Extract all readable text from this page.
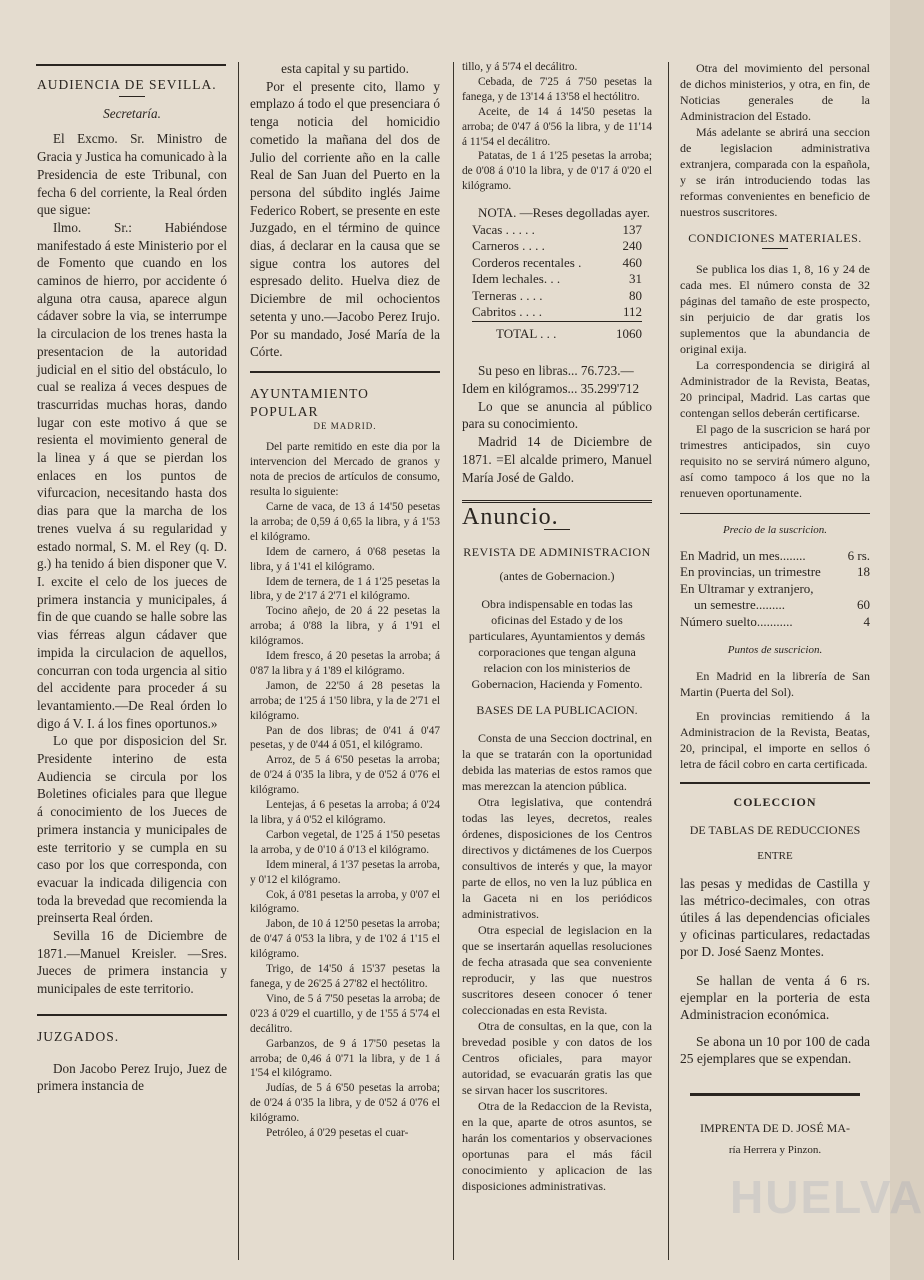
AUDIENCIA DE SEVILLA.

Secretaría.

El Excmo. Sr. Ministro de Gracia y Justica ha comunicado à la Presidencia de este Tribunal, con fecha 6 del corriente, la Real órden que sigue:

Ilmo. Sr.: Habiéndose manifestado á este Ministerio por el de Fomento que cuando en los caminos de hierro, por accidente ó alguna otra causa, aparece algun cádaver sobre la via, se interrumpe la circulacion de los trenes hasta la presentacion de la autoridad judicial en el sitio del obstáculo, lo cual se realiza á veces despues de trascurridas muchas horas, dando lugar con este motivo á que se resienta el movimiento general de la linea y á que se pierdan los enlaces en los puntos de vifurcacion, necesitando hasta dos dias para que la marcha de los trenes vuelva á su regularidad y estado normal, S. M. el Rey (q. D. g.) ha tenido á bien disponer que V. I. excite el celo de los jueces de primera instancia y municipales, á fin de que cuando se halle sobre las vias férreas algun cádaver que impida la circulacion de aquellos, concurran con toda urgencia al sitio del accidente para proceder á su levantamiento.—De Real órden lo digo á V. I. á los fines oportunos.»

Lo que por disposicion del Sr. Presidente interino de esta Audiencia se circula por los Boletines oficiales para que llegue á conocimiento de los Jueces de primera instancia y municipales de este territorio y se cumpla en su caso por los que corresponda, con evacuar la indicada diligencia con toda la brevedad que recomienda la preinserta Real órden.

Sevilla 16 de Diciembre de 1871.—Manuel Kreisler. —Sres. Jueces de primera instancia y municipales de este territorio.

JUZGADOS.

Don Jacobo Perez Irujo, Juez de primera instancia de

esta capital y su partido.

Por el presente cito, llamo y emplazo á todo el que presenciara ó tenga noticia del homicidio cometido la mañana del dos de Julio del corriente año en la calle Real de San Juan del Puerto en la persona del súbdito inglés Jaime Federico Robert, se presente en este Juzgado, en el término de quince dias, á declarar en la causa que se sigue contra los autores del espresado delito. Huelva diez de Diciembre de mil ochocientos setenta y uno.—Jacobo Perez Irujo. Por su mandado, José María de la Córte.

AYUNTAMIENTO POPULAR

DE MADRID.

Del parte remitido en este dia por la intervencion del Mercado de granos y nota de precios de artículos de consumo, resulta lo siguiente:

Carne de vaca, de 13 á 14'50 pesetas la arroba; de 0,59 á 0,65 la libra, y á 1'53 el kilógramo.

Idem de carnero, á 0'68 pesetas la libra, y á 1'41 el kilógramo.

Idem de ternera, de 1 á 1'25 pesetas la libra, y de 2'17 á 2'71 el kilógramo.

Tocino añejo, de 20 á 22 pesetas la arroba; á 0'88 la libra, y á 1'91 el kilógramos.

Idem fresco, á 20 pesetas la arroba; á 0'87 la libra y á 1'89 el kilógramo.

Jamon, de 22'50 á 28 pesetas la arroba; de 1'25 á 1'50 libra, y la de 2'71 el kilógramo.

Pan de dos libras; de 0'41 á 0'47 pesetas, y de 0'44 á 051, el kilógramo.

Arroz, de 5 á 6'50 pesetas la arroba; de 0'24 á 0'35 la libra, y de 0'52 á 0'76 el kilógramo.

Lentejas, á 6 pesetas la arroba; á 0'24 la libra, y á 0'52 el kilógramo.

Carbon vegetal, de 1'25 á 1'50 pesetas la arroba, y de 0'10 á 0'13 el kilógramo.

Idem mineral, á 1'37 pesetas la arroba, y 0'12 el kilógramo.

Cok, á 0'81 pesetas la arroba, y 0'07 el kilógramo.

Jabon, de 10 á 12'50 pesetas la arroba; de 0'47 á 0'53 la libra, y de 1'02 á 1'15 el kilógramo.

Trigo, de 14'50 á 15'37 pesetas la fanega, y de 26'25 á 27'82 el hectólitro.

Vino, de 5 á 7'50 pesetas la arroba; de 0'23 á 0'29 el cuartillo, y de 1'55 á 5'74 el decálitro.

Garbanzos, de 9 á 17'50 pesetas la arroba; de 0,46 á 0'71 la libra, y de 1 á 1'54 el kilógramo.

Judías, de 5 á 6'50 pesetas la arroba; de 0'24 á 0'35 la libra, y de 0'52 á 0'76 el kilógramo.

Petróleo, á 0'29 pesetas el cuar-

tillo, y á 5'74 el decálitro.

Cebada, de 7'25 á 7'50 pesetas la fanega, y de 13'14 á 13'58 el hectólitro.

Aceite, de 14 á 14'50 pesetas la arroba; de 0'47 á 0'56 la libra, y de 11'14 á 11'54 el decálitro.

Patatas, de 1 á 1'25 pesetas la arroba; de 0'08 á 0'10 la libra, y de 0'17 á 0'20 el kilógramo.

NOTA. —Reses degolladas ayer.

Vacas . . . . .	137
Carneros . . . .	240
Corderos recentales .	460
Idem lechales. . .	31
Terneras . . . .	80
Cabritos . . . .	112
TOTAL . . .	1060

Su peso en libras... 76.723.—

Idem en kilógramos... 35.299'712

Lo que se anuncia al público para su conocimiento.

Madrid 14 de Diciembre de 1871. =El alcalde primero, Manuel María José de Galdo.

Anuncio.

REVISTA DE ADMINISTRACION

(antes de Gobernacion.)

Obra indispensable en todas las oficinas del Estado y de los particulares, Ayuntamientos y demás corporaciones que tengan alguna relacion con los ministerios de Gobernacion, Hacienda y Fomento.

BASES DE LA PUBLICACION.

Consta de una Seccion doctrinal, en la que se tratarán con la oportunidad debida las materias de estos ramos que mas merezcan la atencion pública.

Otra legislativa, que contendrá todas las leyes, decretos, reales órdenes, disposiciones de los Centros directivos y dictámenes de los Cuerpos consultivos de interés y que, la mayor parte de ellos, no ven la luz pública en la Gaceta ni en los periódicos administrativos.

Otra especial de legislacion en la que se insertarán aquellas resoluciones de fecha atrasada que sea conveniente reproducir, y las que nuestros suscritores deseen conocer ó tener coleccionadas en esta Revista.

Otra de consultas, en la que, con la brevedad posible y con datos de los Centros oficiales, para mayor autoridad, se evacuarán gratis las que se sirvan hacer los suscritores.

Otra de la Redaccion de la Revista, en la que, aparte de otros asuntos, se harán los comentarios y observaciones oportunas para el más fácil conocimiento y aplicacion de las disposiciones administrativas.

Otra del movimiento del personal de dichos ministerios, y otra, en fin, de Noticias generales de la Administracion del Estado.

Más adelante se abrirá una seccion de legislacion administrativa extranjera, comparada con la española, y se irán introduciendo todas las reformas convenientes en beneficio de nuestros suscritores.

CONDICIONES MATERIALES.

Se publica los dias 1, 8, 16 y 24 de cada mes. El número consta de 32 páginas del tamaño de este prospecto, sin perjuicio de dar gratis los suplementos que la abundancia de original exija.

La correspondencia se dirigirá al Administrador de la Revista, Beatas, 20 principal, Madrid. Las cartas que contengan sellos deberán certificarse.

El pago de la suscricion se hará por trimestres anticipados, sin cuyo requisito no se servirá número alguno, así como tampoco á los que no la renueven oportunamente.

Precio de la suscricion.

En Madrid, un mes........	6 rs.
En provincias, un trimestre	18
En Ultramar y extranjero,	
un semestre.........	60
Número suelto...........	4

Puntos de suscricion.

En Madrid en la librería de San Martin (Puerta del Sol).

En provincias remitiendo á la Administracion de la Revista, Beatas, 20, principal, el importe en sellos ó letra de fácil cobro en carta certificada.

COLECCION

DE TABLAS DE REDUCCIONES

ENTRE

las pesas y medidas de Castilla y las métrico-decimales, con otras útiles á las dependencias oficiales y oficinas particulares, redactadas por D. José Saenz Montes.

Se hallan de venta á 6 rs. ejemplar en la porteria de esta Administracion económica.

Se abona un 10 por 100 de cada 25 ejemplares que se expendan.

IMPRENTA DE D. JOSÉ MA-

ría Herrera y Pinzon.

HUELVA
